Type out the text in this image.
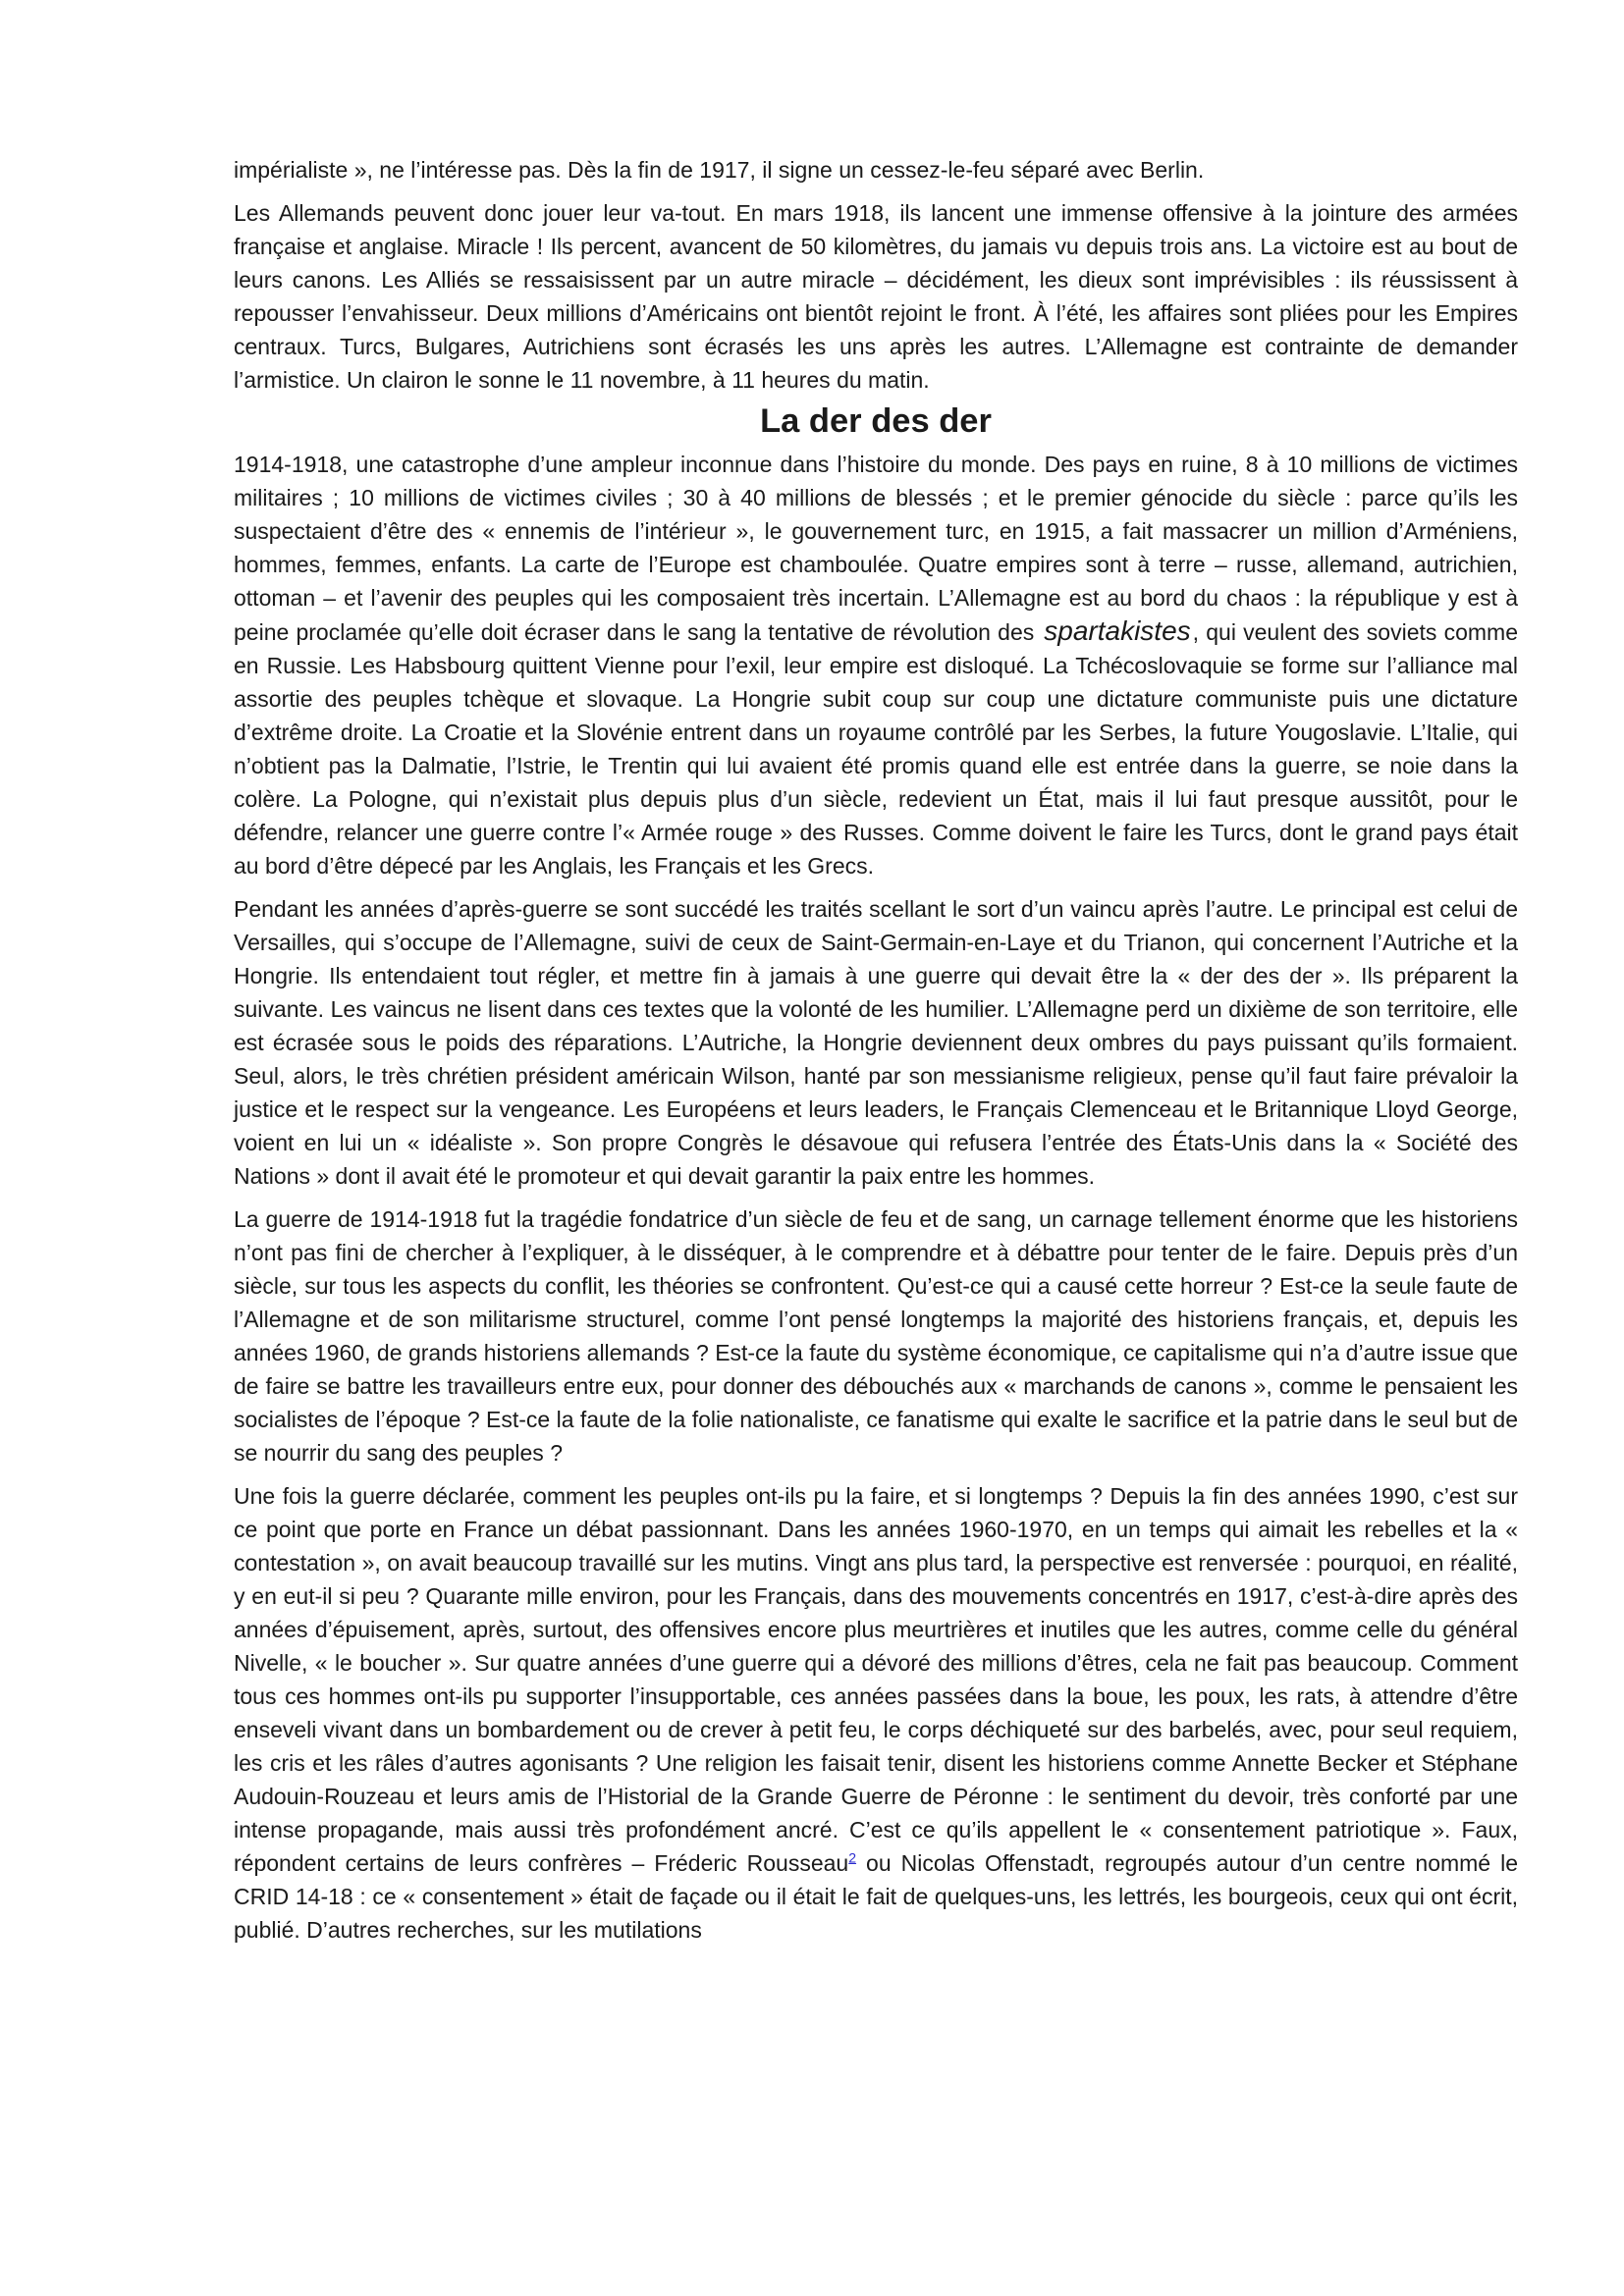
impérialiste », ne l’intéresse pas. Dès la fin de 1917, il signe un cessez-le-feu séparé avec Berlin.

Les Allemands peuvent donc jouer leur va-tout. En mars 1918, ils lancent une immense offensive à la jointure des armées française et anglaise. Miracle ! Ils percent, avancent de 50 kilomètres, du jamais vu depuis trois ans. La victoire est au bout de leurs canons. Les Alliés se ressaisissent par un autre miracle – décidément, les dieux sont imprévisibles : ils réussissent à repousser l’envahisseur. Deux millions d’Américains ont bientôt rejoint le front. À l’été, les affaires sont pliées pour les Empires centraux. Turcs, Bulgares, Autrichiens sont écrasés les uns après les autres. L’Allemagne est contrainte de demander l’armistice. Un clairon le sonne le 11 novembre, à 11 heures du matin.

La der des der

1914-1918, une catastrophe d’une ampleur inconnue dans l’histoire du monde. Des pays en ruine, 8 à 10 millions de victimes militaires ; 10 millions de victimes civiles ; 30 à 40 millions de blessés ; et le premier génocide du siècle : parce qu’ils les suspectaient d’être des « ennemis de l’intérieur », le gouvernement turc, en 1915, a fait massacrer un million d’Arméniens, hommes, femmes, enfants. La carte de l’Europe est chamboulée. Quatre empires sont à terre – russe, allemand, autrichien, ottoman – et l’avenir des peuples qui les composaient très incertain. L’Allemagne est au bord du chaos : la république y est à peine proclamée qu’elle doit écraser dans le sang la tentative de révolution des spartakistes, qui veulent des soviets comme en Russie. Les Habsbourg quittent Vienne pour l’exil, leur empire est disloqué. La Tchécoslovaquie se forme sur l’alliance mal assortie des peuples tchèque et slovaque. La Hongrie subit coup sur coup une dictature communiste puis une dictature d’extrême droite. La Croatie et la Slovénie entrent dans un royaume contrôlé par les Serbes, la future Yougoslavie. L’Italie, qui n’obtient pas la Dalmatie, l’Istrie, le Trentin qui lui avaient été promis quand elle est entrée dans la guerre, se noie dans la colère. La Pologne, qui n’existait plus depuis plus d’un siècle, redevient un État, mais il lui faut presque aussitôt, pour le défendre, relancer une guerre contre l’« Armée rouge » des Russes. Comme doivent le faire les Turcs, dont le grand pays était au bord d’être dépecé par les Anglais, les Français et les Grecs.

Pendant les années d’après-guerre se sont succédé les traités scellant le sort d’un vaincu après l’autre. Le principal est celui de Versailles, qui s’occupe de l’Allemagne, suivi de ceux de Saint-Germain-en-Laye et du Trianon, qui concernent l’Autriche et la Hongrie. Ils entendaient tout régler, et mettre fin à jamais à une guerre qui devait être la « der des der ». Ils préparent la suivante. Les vaincus ne lisent dans ces textes que la volonté de les humilier. L’Allemagne perd un dixième de son territoire, elle est écrasée sous le poids des réparations. L’Autriche, la Hongrie deviennent deux ombres du pays puissant qu’ils formaient. Seul, alors, le très chrétien président américain Wilson, hanté par son messianisme religieux, pense qu’il faut faire prévaloir la justice et le respect sur la vengeance. Les Européens et leurs leaders, le Français Clemenceau et le Britannique Lloyd George, voient en lui un « idéaliste ». Son propre Congrès le désavoue qui refusera l’entrée des États-Unis dans la « Société des Nations » dont il avait été le promoteur et qui devait garantir la paix entre les hommes.

La guerre de 1914-1918 fut la tragédie fondatrice d’un siècle de feu et de sang, un carnage tellement énorme que les historiens n’ont pas fini de chercher à l’expliquer, à le disséquer, à le comprendre et à débattre pour tenter de le faire. Depuis près d’un siècle, sur tous les aspects du conflit, les théories se confrontent. Qu’est-ce qui a causé cette horreur ? Est-ce la seule faute de l’Allemagne et de son militarisme structurel, comme l’ont pensé longtemps la majorité des historiens français, et, depuis les années 1960, de grands historiens allemands ? Est-ce la faute du système économique, ce capitalisme qui n’a d’autre issue que de faire se battre les travailleurs entre eux, pour donner des débouchés aux « marchands de canons », comme le pensaient les socialistes de l’époque ? Est-ce la faute de la folie nationaliste, ce fanatisme qui exalte le sacrifice et la patrie dans le seul but de se nourrir du sang des peuples ?

Une fois la guerre déclarée, comment les peuples ont-ils pu la faire, et si longtemps ? Depuis la fin des années 1990, c’est sur ce point que porte en France un débat passionnant. Dans les années 1960-1970, en un temps qui aimait les rebelles et la « contestation », on avait beaucoup travaillé sur les mutins. Vingt ans plus tard, la perspective est renversée : pourquoi, en réalité, y en eut-il si peu ? Quarante mille environ, pour les Français, dans des mouvements concentrés en 1917, c’est-à-dire après des années d’épuisement, après, surtout, des offensives encore plus meurtrières et inutiles que les autres, comme celle du général Nivelle, « le boucher ». Sur quatre années d’une guerre qui a dévoré des millions d’êtres, cela ne fait pas beaucoup. Comment tous ces hommes ont-ils pu supporter l’insupportable, ces années passées dans la boue, les poux, les rats, à attendre d’être enseveli vivant dans un bombardement ou de crever à petit feu, le corps déchiqueté sur des barbelés, avec, pour seul requiem, les cris et les râles d’autres agonisants ? Une religion les faisait tenir, disent les historiens comme Annette Becker et Stéphane Audouin-Rouzeau et leurs amis de l’Historial de la Grande Guerre de Péronne : le sentiment du devoir, très conforté par une intense propagande, mais aussi très profondément ancré. C’est ce qu’ils appellent le « consentement patriotique ». Faux, répondent certains de leurs confrères – Fréderic Rousseau$^2$ ou Nicolas Offenstadt, regroupés autour d’un centre nommé le CRID 14-18 : ce « consentement » était de façade ou il était le fait de quelques-uns, les lettrés, les bourgeois, ceux qui ont écrit, publié. D’autres recherches, sur les mutilations
